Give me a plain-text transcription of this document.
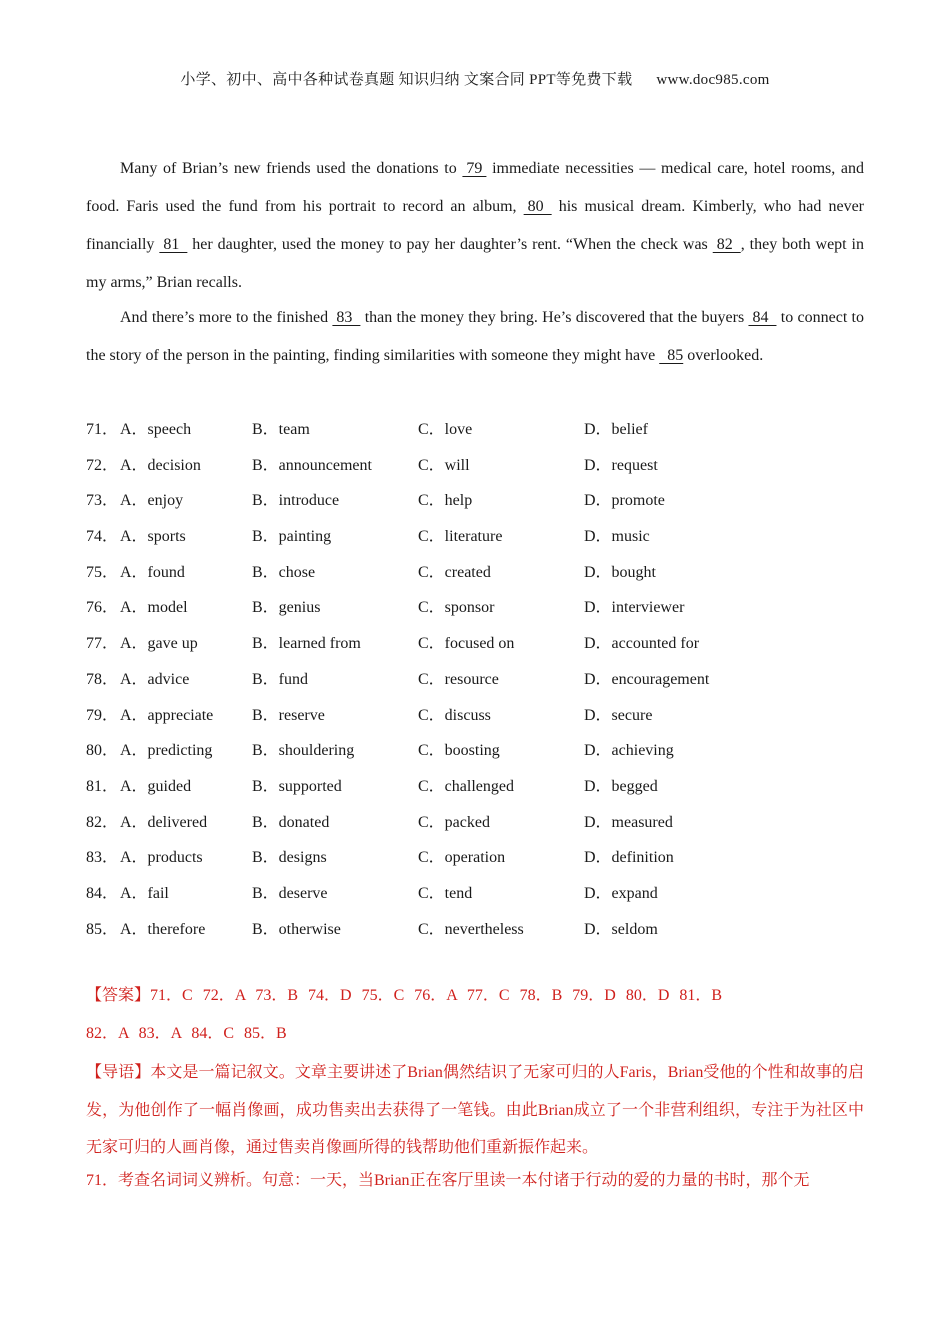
小学、初中、高中各种试卷真题 知识归纳 文案合同 PPT等免费下载 www.doc985.com

Many of Brian’s new friends used the donations to  79  immediate necessities — medical care, hotel rooms, and food. Faris used the fund from his portrait to record an album,  80   his musical dream. Kimberly, who had never financially  81   her daughter, used the money to pay her daughter’s rent. “When the check was  82  , they both wept in my arms,” Brian recalls.

And there’s more to the finished  83   than the money they bring. He’s discovered that the buyers  84   to connect to the story of the person in the painting, finding similarities with someone they might have   85 overlooked.

71． A．speech	B．team	C．love	D．belief
72． A．decision	B．announcement	C．will	D．request
73． A．enjoy	B．introduce	C．help	D．promote
74． A．sports	B．painting	C．literature	D．music
75． A．found	B．chose	C．created	D．bought
76． A．model	B．genius	C．sponsor	D．interviewer
77． A．gave up	B．learned from	C．focused on	D．accounted for
78． A．advice	B．fund	C．resource	D．encouragement
79． A．appreciate B．reserve	C．discuss	D．secure
80． A．predicting B．shouldering	C．boosting	D．achieving
81． A．guided	B．supported	C．challenged	D．begged
82． A．delivered	B．donated	C．packed	D．measured
83． A．products	B．designs	C．operation	D．definition
84． A．fail	B．deserve	C．tend	D．expand
85． A．therefore	B．otherwise	C．nevertheless	D．seldom
【答案】71．C 72．A 73．B 74．D 75．C 76．A 77．C 78．B 79．D 80．D 81．B
82．A 83．A 84．C 85．B
【导语】本文是一篇记叙文。文章主要讲述了Brian偶然结识了无家可归的人Faris，Brian受他的个性和故事的启发，为他创作了一幅肖像画，成功售卖出去获得了一笔钱。由此Brian成立了一个非营利组织，专注于为社区中无家可归的人画肖像，通过售卖肖像画所得的钱帮助他们重新振作起来。
71．考查名词词义辨析。句意：一天，当Brian正在客厅里读一本付诸于行动的爱的力量的书时，那个无
